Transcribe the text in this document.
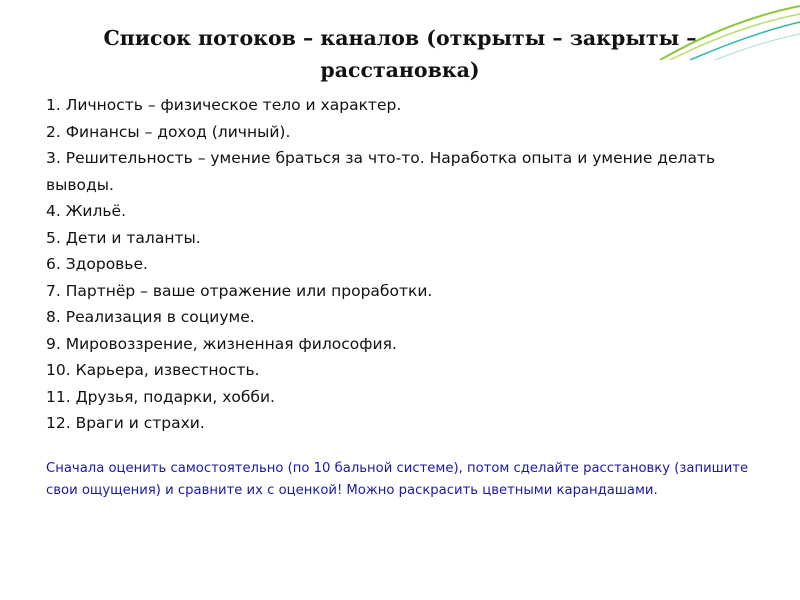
Список потоков – каналов (открыты – закрыты –
расстановка)
1. Личность – физическое тело и характер.
2. Финансы – доход (личный).
3. Решительность – умение браться за что-то. Наработка опыта и умение делать выводы.
4. Жильё.
5. Дети и таланты.
6. Здоровье.
7. Партнёр – ваше отражение или проработки.
8. Реализация в социуме.
9. Мировоззрение, жизненная философия.
10. Карьера, известность.
11. Друзья, подарки, хобби.
12. Враги и страхи.
Сначала оценить самостоятельно (по 10 бальной системе), потом сделайте расстановку (запишите свои ощущения) и сравните их с оценкой! Можно раскрасить цветными карандашами.
